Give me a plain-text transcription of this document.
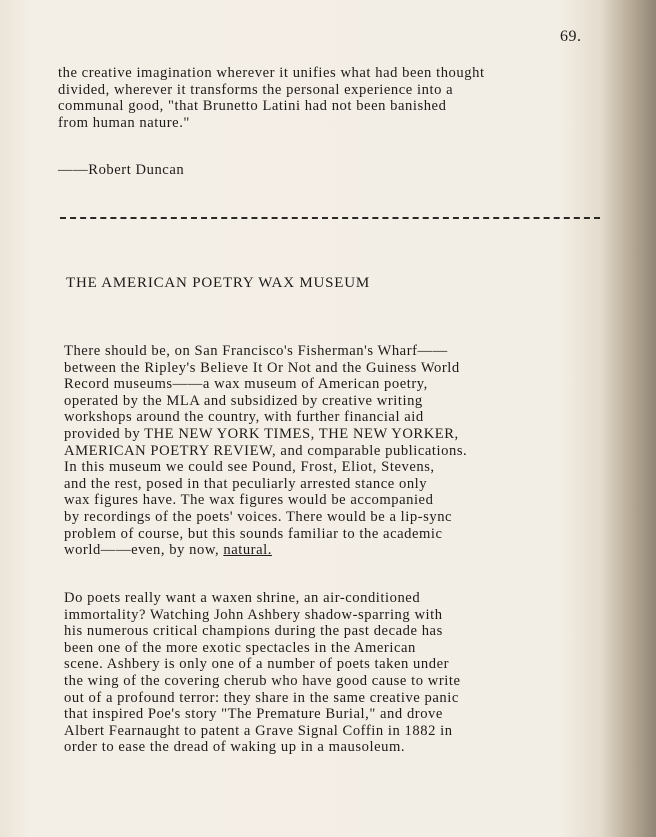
69.
the creative imagination wherever it unifies what had been thought
divided, wherever it transforms the personal experience into a
communal good, "that Brunetto Latini had not been banished
from human nature."
——Robert Duncan
THE AMERICAN POETRY WAX MUSEUM
There should be, on San Francisco's Fisherman's Wharf——
between the Ripley's Believe It Or Not and the Guiness World
Record museums——a wax museum of American poetry,
operated by the MLA and subsidized by creative writing
workshops around the country, with further financial aid
provided by THE NEW YORK TIMES, THE NEW YORKER,
AMERICAN POETRY REVIEW, and comparable publications.
In this museum we could see Pound, Frost, Eliot, Stevens,
and the rest, posed in that peculiarly arrested stance only
wax figures have. The wax figures would be accompanied
by recordings of the poets' voices. There would be a lip-sync
problem of course, but this sounds familiar to the academic
world——even, by now, natural.
Do poets really want a waxen shrine, an air-conditioned
immortality? Watching John Ashbery shadow-sparring with
his numerous critical champions during the past decade has
been one of the more exotic spectacles in the American
scene. Ashbery is only one of a number of poets taken under
the wing of the covering cherub who have good cause to write
out of a profound terror: they share in the same creative panic
that inspired Poe's story "The Premature Burial," and drove
Albert Fearnaught to patent a Grave Signal Coffin in 1882 in
order to ease the dread of waking up in a mausoleum.
